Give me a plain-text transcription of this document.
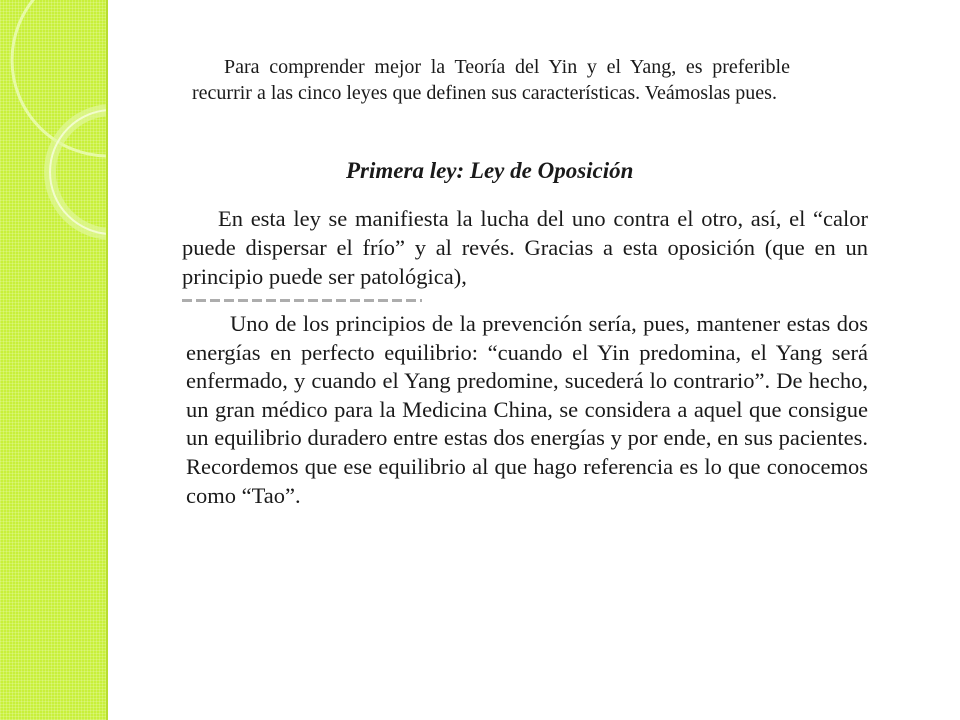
Para comprender mejor la Teoría del Yin y el Yang, es preferible recurrir a las cinco leyes que definen sus características. Veámoslas pues.

Primera ley: Ley de Oposición

En esta ley se manifiesta la lucha del uno contra el otro, así, el “calor puede dispersar el frío” y al revés. Gracias a esta oposición (que en un principio puede ser patológica),

Uno de los principios de la prevención sería, pues, mantener estas dos energías en perfecto equilibrio: “cuando el Yin predomina, el Yang será enfermado, y cuando el Yang predomine, sucederá lo contrario”. De hecho, un gran médico para la Medicina China, se considera a aquel que consigue un equilibrio duradero entre estas dos energías y por ende, en sus pacientes. Recordemos que ese equilibrio al que hago referencia es lo que conocemos como “Tao”.
